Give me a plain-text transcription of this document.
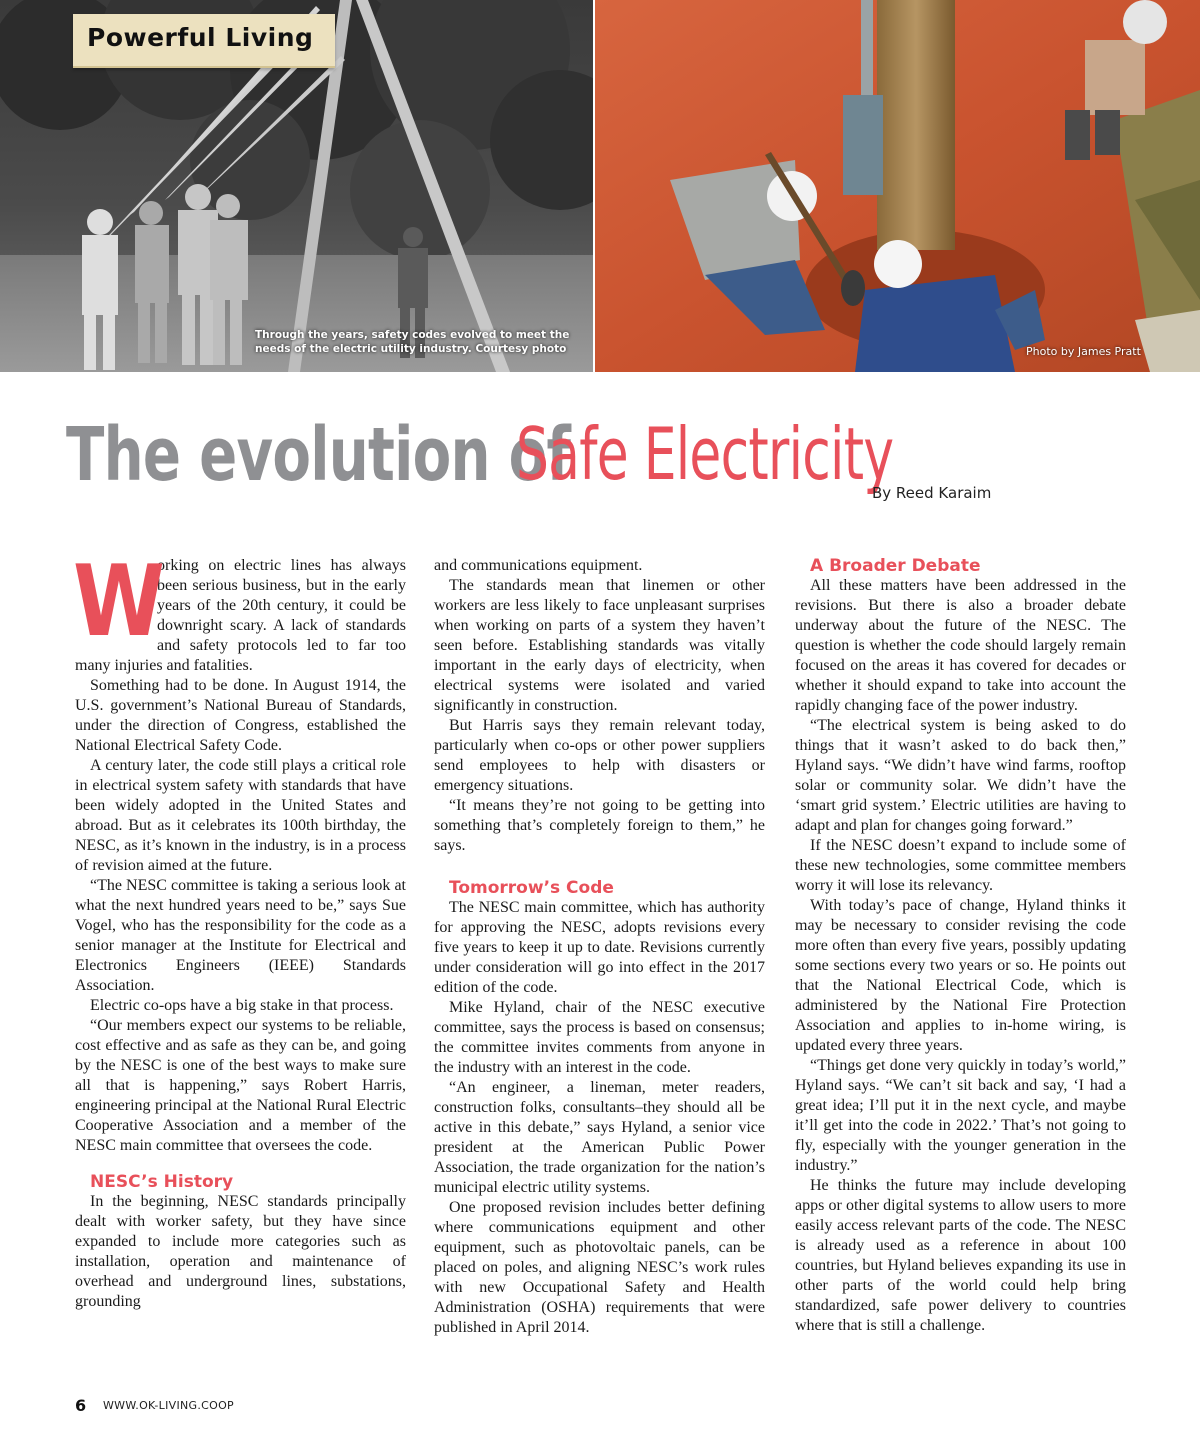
Powerful Living
Through the years, safety codes evolved to meet the needs of the electric utility industry. Courtesy photo	Photo by James Pratt
The evolution of
Safe Electricity
By Reed Karaim

W
orking on electric lines has always been serious business, but in the early years of the 20th century, it could be downright scary. A lack of standards and safety protocols led to far too many injuries and fatalities.

Something had to be done. In August 1914, the U.S. government’s National Bureau of Standards, under the direction of Congress, established the National Electrical Safety Code.

A century later, the code still plays a critical role in electrical system safety with standards that have been widely adopted in the United States and abroad. But as it celebrates its 100th birthday, the NESC, as it’s known in the industry, is in a process of revision aimed at the future.

“The NESC committee is taking a serious look at what the next hundred years need to be,” says Sue Vogel, who has the responsibility for the code as a senior manager at the Institute for Electrical and Electronics Engineers (IEEE) Standards Association.

Electric co-ops have a big stake in that process.

“Our members expect our systems to be reliable, cost effective and as safe as they can be, and going by the NESC is one of the best ways to make sure all that is happening,” says Robert Harris, engineering principal at the National Rural Electric Cooperative Association and a member of the NESC main committee that oversees the code.

NESC’s History

In the beginning, NESC standards principally dealt with worker safety, but they have since expanded to include more categories such as installation, operation and maintenance of overhead and underground lines, substations, grounding

and communications equipment.

The standards mean that linemen or other workers are less likely to face unpleasant surprises when working on parts of a system they haven’t seen before. Establishing standards was vitally important in the early days of electricity, when electrical systems were isolated and varied significantly in construction.

But Harris says they remain relevant today, particularly when co-ops or other power suppliers send employees to help with disasters or emergency situations.

“It means they’re not going to be getting into something that’s completely foreign to them,” he says.

Tomorrow’s Code

The NESC main committee, which has authority for approving the NESC, adopts revisions every five years to keep it up to date. Revisions currently under consideration will go into effect in the 2017 edition of the code.

Mike Hyland, chair of the NESC executive committee, says the process is based on consensus; the committee invites comments from anyone in the industry with an interest in the code.

“An engineer, a lineman, meter readers, construction folks, consultants–they should all be active in this debate,” says Hyland, a senior vice president at the American Public Power Association, the trade organization for the nation’s municipal electric utility systems.

One proposed revision includes better defining where communications equipment and other equipment, such as photovoltaic panels, can be placed on poles, and aligning NESC’s work rules with new Occupational Safety and Health Administration (OSHA) requirements that were published in April 2014.

A Broader Debate

All these matters have been addressed in the revisions. But there is also a broader debate underway about the future of the NESC. The question is whether the code should largely remain focused on the areas it has covered for decades or whether it should expand to take into account the rapidly changing face of the power industry.

“The electrical system is being asked to do things that it wasn’t asked to do back then,” Hyland says. “We didn’t have wind farms, rooftop solar or community solar. We didn’t have the ‘smart grid system.’ Electric utilities are having to adapt and plan for changes going forward.”

If the NESC doesn’t expand to include some of these new technologies, some committee members worry it will lose its relevancy.

With today’s pace of change, Hyland thinks it may be necessary to consider revising the code more often than every five years, possibly updating some sections every two years or so. He points out that the National Electrical Code, which is administered by the National Fire Protection Association and applies to in-home wiring, is updated every three years.

“Things get done very quickly in today’s world,” Hyland says. “We can’t sit back and say, ‘I had a great idea; I’ll put it in the next cycle, and maybe it’ll get into the code in 2022.’ That’s not going to fly, especially with the younger generation in the industry.”

He thinks the future may include developing apps or other digital systems to allow users to more easily access relevant parts of the code. The NESC is already used as a reference in about 100 countries, but Hyland believes expanding its use in other parts of the world could help bring standardized, safe power delivery to countries where that is still a challenge.

6 WWW.OK-LIVING.COOP
